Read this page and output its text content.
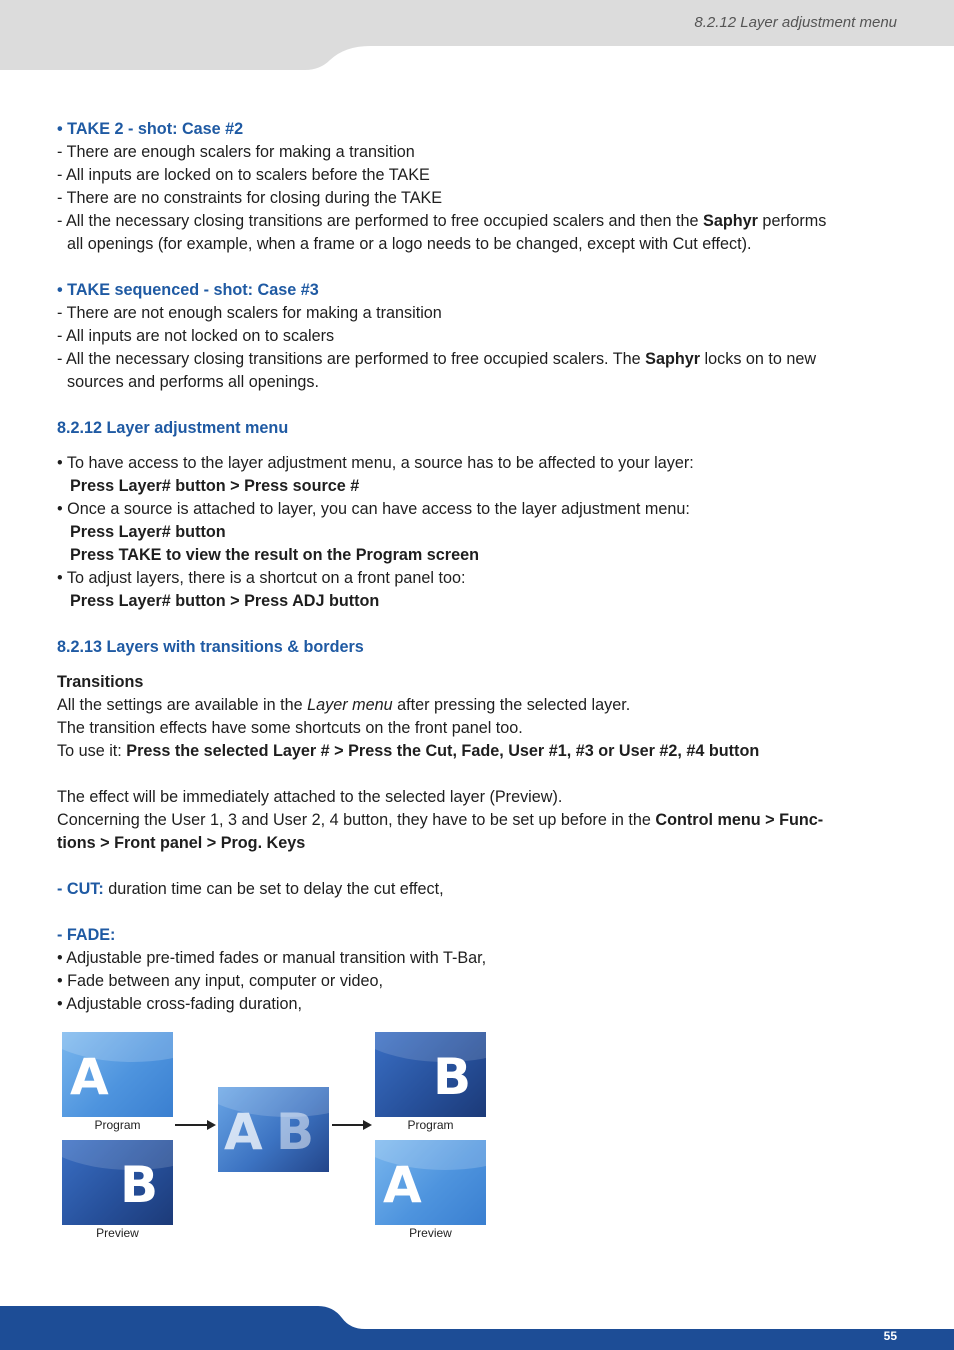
8.2.12 Layer adjustment menu
• TAKE 2 - shot: Case #2
- There are enough scalers for making a transition
- All inputs are locked on to scalers before the TAKE
- There are no constraints for closing during the TAKE
- All the necessary closing transitions are performed to free occupied scalers and then the Saphyr performs
all openings (for example, when a frame or a logo needs to be changed, except with Cut effect).
• TAKE sequenced - shot: Case #3
- There are not enough scalers for making a transition
- All inputs are not locked on to scalers
- All the necessary closing transitions are performed to free occupied scalers. The Saphyr locks on to new
sources and performs all openings.
8.2.12 Layer adjustment menu
• To have access to the layer adjustment menu, a source has to be affected to your layer:
Press Layer# button > Press source #
• Once a source is attached to layer, you can have access to the layer adjustment menu:
Press Layer# button
Press TAKE to view the result on the Program screen
• To adjust layers, there is a shortcut on a front panel too:
Press Layer# button > Press ADJ button
8.2.13 Layers with transitions & borders
Transitions
All the settings are available in the Layer menu after pressing the selected layer.
The transition effects have some shortcuts on the front panel too.
To use it: Press the selected Layer # > Press the Cut, Fade, User #1, #3 or User #2, #4 button
The effect will be immediately attached to the selected layer (Preview).
Concerning the User 1, 3 and User 2, 4 button, they have to be set up before in the Control menu > Func-
tions > Front panel > Prog. Keys
- CUT: duration time can be set to delay the cut effect,
- FADE:
• Adjustable pre-timed fades or manual transition with T-Bar,
• Fade between any input, computer or video,
• Adjustable cross-fading duration,
A
Program
B
Preview
A B
B
Program
A
Preview
55
